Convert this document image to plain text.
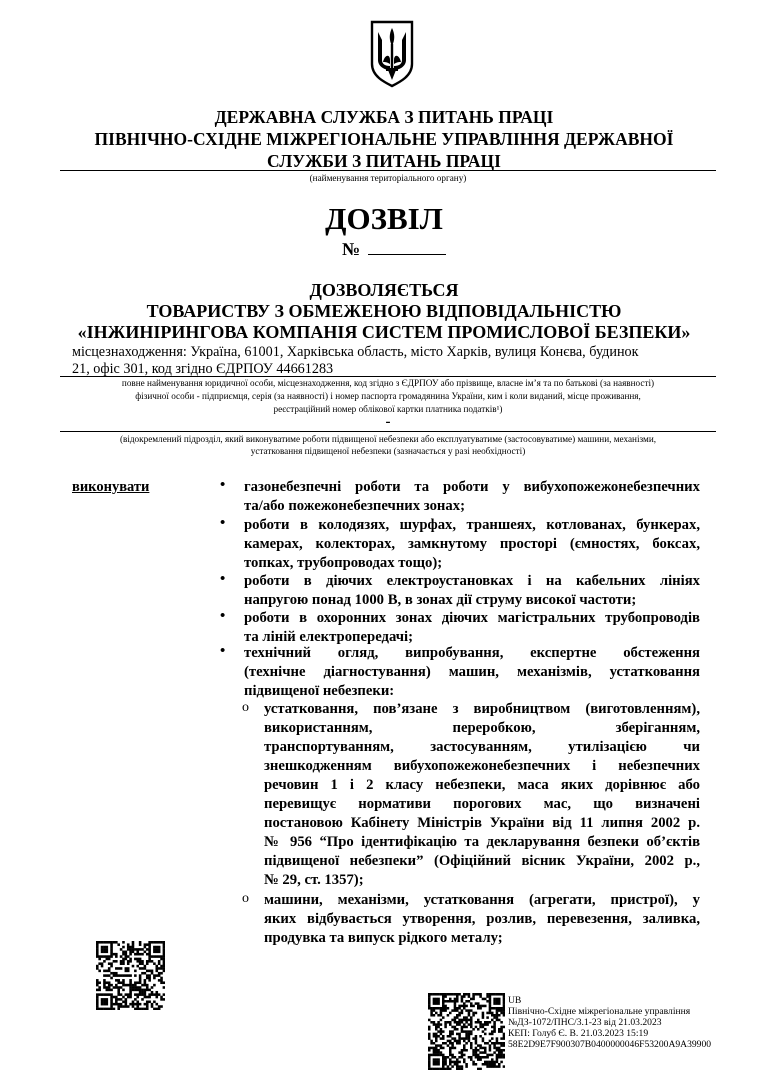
ДЕРЖАВНА СЛУЖБА З ПИТАНЬ ПРАЦІ
ПІВНІЧНО-СХІДНЕ МІЖРЕГІОНАЛЬНЕ УПРАВЛІННЯ ДЕРЖАВНОЇ
СЛУЖБИ З ПИТАНЬ ПРАЦІ
(найменування територіального органу)
ДОЗВІЛ
№
ДОЗВОЛЯЄТЬСЯ
ТОВАРИСТВУ З ОБМЕЖЕНОЮ ВІДПОВІДАЛЬНІСТЮ
«ІНЖИНІРИНГОВА КОМПАНІЯ СИСТЕМ ПРОМИСЛОВОЇ БЕЗПЕКИ»
місцезнаходження: Україна, 61001, Харківська область, місто Харків, вулиця Конєва, будинок
21, офіс 301, код згідно ЄДРПОУ 44661283
повне найменування юридичної особи, місцезнаходження, код згідно з ЄДРПОУ або прізвище, власне ім’я та по батькові (за наявності)
фізичної особи - підприємця, серія (за наявності) і номер паспорта громадянина України, ким і коли виданий, місце проживання,
реєстраційний номер облікової картки платника податків¹)
-
(відокремлений підрозділ, який виконуватиме роботи підвищеної небезпеки або експлуатуватиме (застосовуватиме) машини, механізми,
устатковання підвищеної небезпеки (зазначається у разі необхідності)
виконувати	• газонебезпечні роботи та роботи у вибухопожежонебезпечних
та/або пожежонебезпечних зонах;
• роботи в колодязях, шурфах, траншеях, котлованах, бункерах,
камерах, колекторах, замкнутому просторі (ємностях, боксах,
топках, трубопроводах тощо);
• роботи в діючих електроустановках і на кабельних лініях
напругою понад 1000 В, в зонах дії струму високої частоти;
• роботи в охоронних зонах діючих магістральних трубопроводів
та ліній електропередачі;
• технічний огляд, випробування, експертне обстеження
(технічне діагностування) машин, механізмів, устатковання
підвищеної небезпеки:
o устатковання, пов’язане з виробництвом (виготовленням),
використанням, переробкою, зберіганням,
транспортуванням, застосуванням, утилізацією чи
знешкодженням вибухопожежонебезпечних і небезпечних
речовин 1 і 2 класу небезпеки, маса яких дорівнює або
перевищує нормативи порогових мас, що визначені
постановою Кабінету Міністрів України від 11 липня 2002 р.
№ 956 “Про ідентифікацію та декларування безпеки об’єктів
підвищеної небезпеки” (Офіційний вісник України, 2002 р.,
№ 29, ст. 1357);
o машини, механізми, устатковання (агрегати, пристрої), у
яких відбувається утворення, розлив, перевезення, заливка,
продувка та випуск рідкого металу;
UB
Північно-Східне міжрегіональне управління
№ДЗ-1072/ПНС/3.1-23 від 21.03.2023
КЕП: Голуб Є. В. 21.03.2023 15:19
58E2D9E7F900307B0400000046F53200A9A39900
